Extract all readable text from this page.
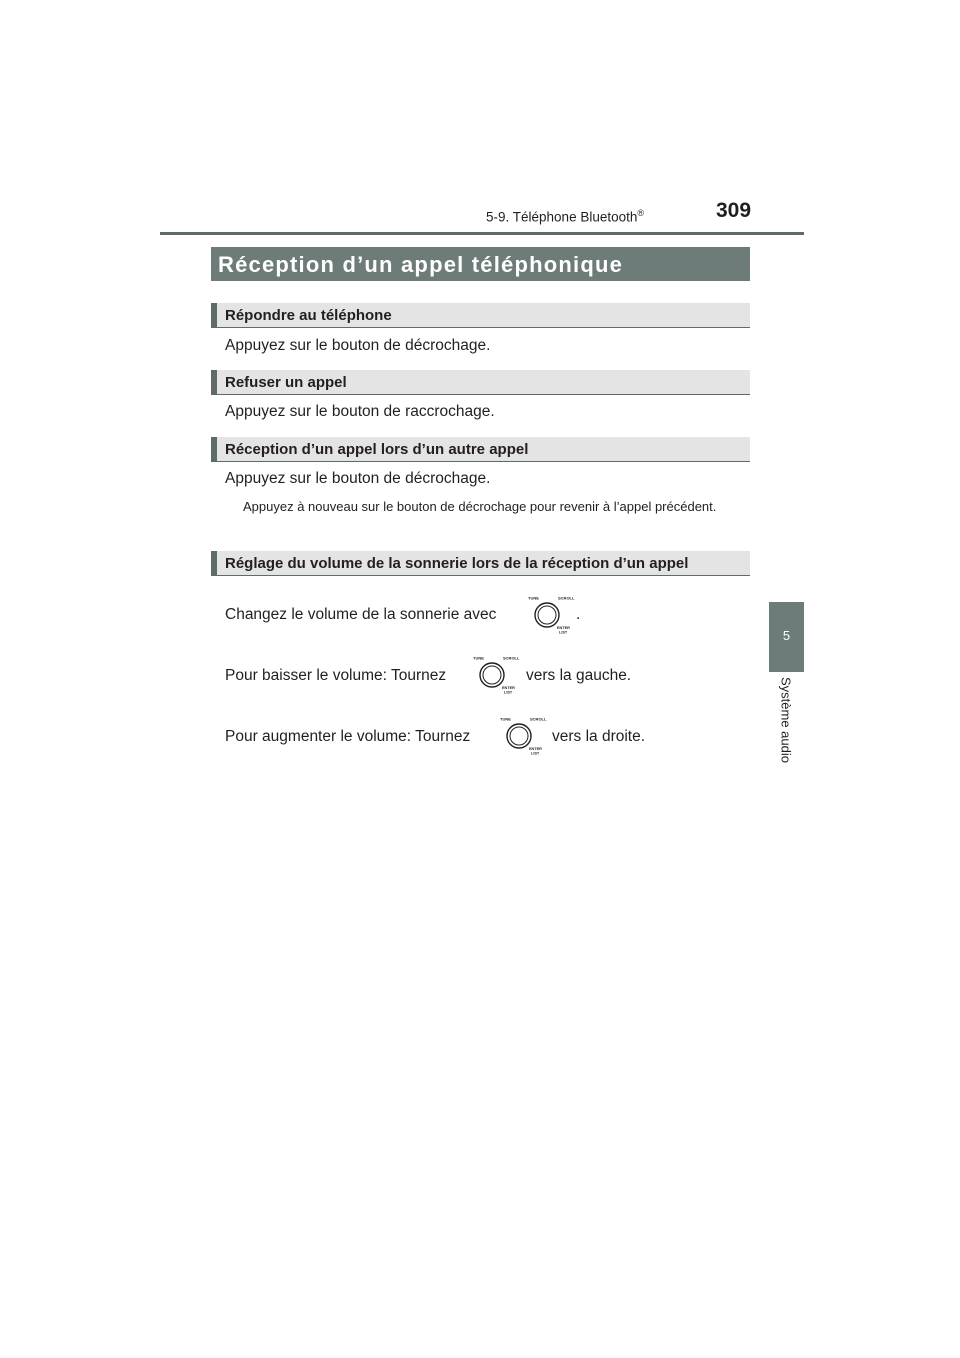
5-9. Téléphone Bluetooth®	309
5
Système audio
Réception d’un appel téléphonique
Répondre au téléphone
Appuyez sur le bouton de décrochage.
Refuser un appel
Appuyez sur le bouton de raccrochage.
Réception d’un appel lors d’un autre appel
Appuyez sur le bouton de décrochage.
Appuyez à nouveau sur le bouton de décrochage pour revenir à l’appel précédent.
Réglage du volume de la sonnerie lors de la réception d’un appel
Changez le volume de la sonnerie avec
TUNE	SCROLL
ENTER
LIST
.
Pour baisser le volume: Tournez
TUNE	SCROLL
ENTER
LIST
vers la gauche.
Pour augmenter le volume: Tournez
TUNE	SCROLL
ENTER
LIST
vers la droite.
